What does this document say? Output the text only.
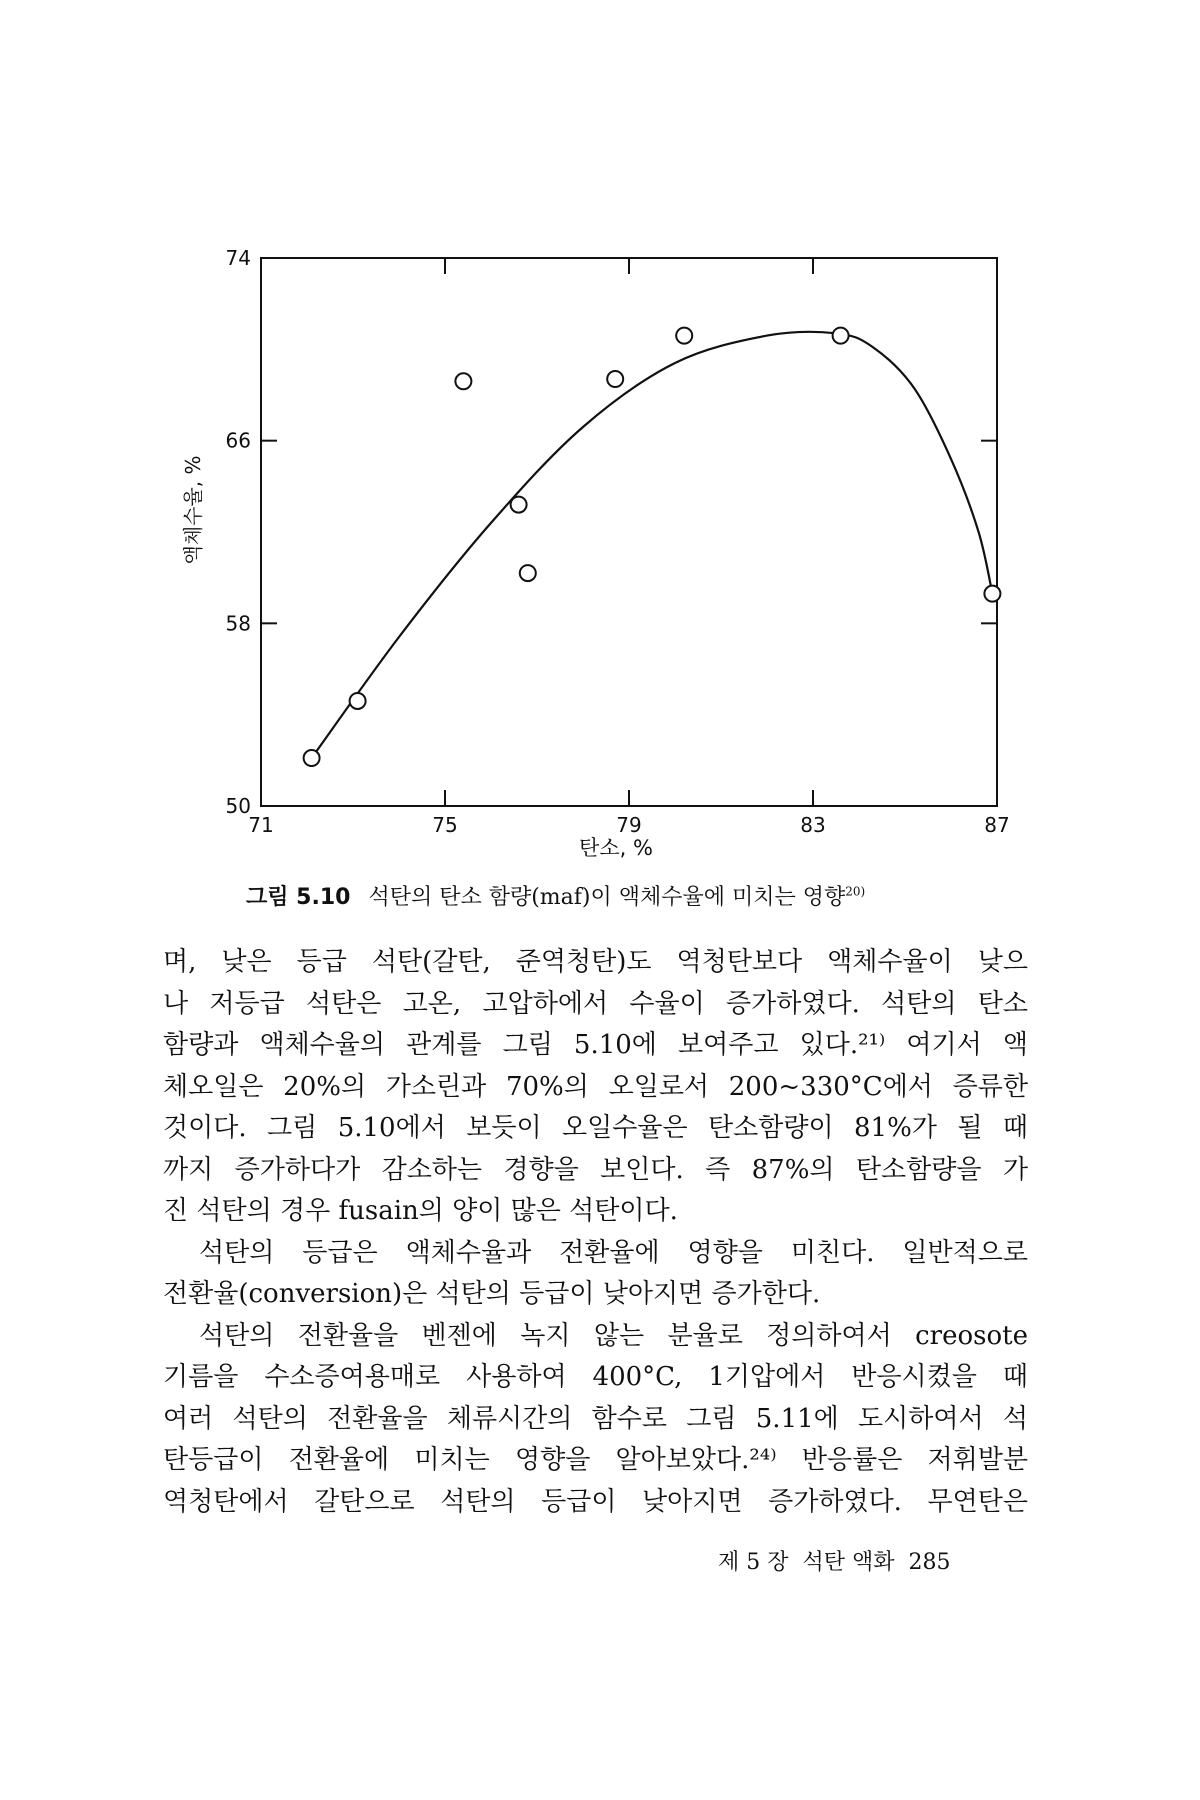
71	75	79	83	87
50
58
66
74
탄소, %
액체수율, %
그림 5.10 석탄의 탄소 함량(maf)이 액체수율에 미치는 영향$^{20)}$

며, 낮은 등급 석탄(갈탄, 준역청탄)도 역청탄보다 액체수율이 낮으
나 저등급 석탄은 고온, 고압하에서 수율이 증가하였다. 석탄의 탄소
함량과 액체수율의 관계를 그림 5.10에 보여주고 있다.²¹⁾ 여기서 액
체오일은 20%의 가소린과 70%의 오일로서 200~330°C에서 증류한
것이다. 그림 5.10에서 보듯이 오일수율은 탄소함량이 81%가 될 때
까지 증가하다가 감소하는 경향을 보인다. 즉 87%의 탄소함량을 가
진 석탄의 경우 fusain의 양이 많은 석탄이다.

석탄의 등급은 액체수율과 전환율에 영향을 미친다. 일반적으로
전환율(conversion)은 석탄의 등급이 낮아지면 증가한다.

석탄의 전환율을 벤젠에 녹지 않는 분율로 정의하여서 creosote
기름을 수소증여용매로 사용하여 400°C, 1기압에서 반응시켰을 때
여러 석탄의 전환율을 체류시간의 함수로 그림 5.11에 도시하여서 석
탄등급이 전환율에 미치는 영향을 알아보았다.²⁴⁾ 반응률은 저휘발분
역청탄에서 갈탄으로 석탄의 등급이 낮아지면 증가하였다. 무연탄은

제 5 장 석탄 액화 285
